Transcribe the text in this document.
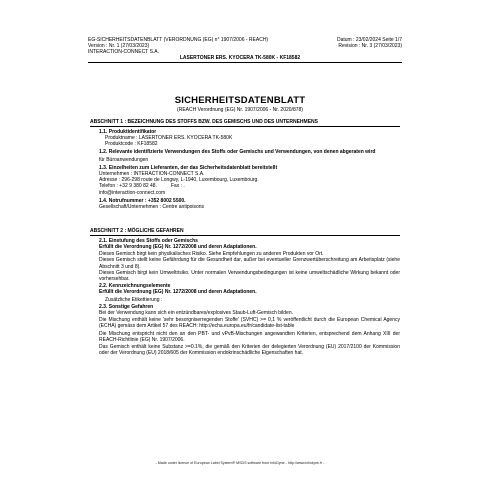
EG-SICHERHEITSDATENBLATT (VERORDNUNG (EG) n° 1907/2006 - REACH)
Version : Nr. 1 (27/03/2023)
INTERACTION-CONNECT S.A.
Datum : 23/02/2024 Seite 1/7
Revision : Nr. 3 (27/03/2023)
LASERTONER ERS. KYOCERA TK-580K - KF18582
SICHERHEITSDATENBLATT
(REACH Verordnung (EG) Nr. 1907/2006 - Nr. 2020/878)
ABSCHNITT 1 : BEZEICHNUNG DES STOFFS BZW. DES GEMISCHS UND DES UNTERNEHMENS
1.1. Produktidentifikator
Produktname : LASERTONER ERS. KYOCERA TK-580K
Produktcode : KF18582
1.2. Relevante identifizierte Verwendungen des Stoffs oder Gemischs und Verwendungen, von denen abgeraten wird
für Büroanwendungen
1.3. Einzelheiten zum Lieferanten, der das Sicherheitsdatenblatt bereitstellt
Unternehmen : INTERACTION-CONNECT S.A.
Adresse : 296-298 route de Longwy, L-1940, Luxembourg, Luxembourg.
Telefon : +32 9 380 82 48.          Fax : .
info@interaction-connect.com
1.4. Notrufnummer : +352 8002 5500.
Gesellschaft/Unternehmen : Centre antipoisons
ABSCHNITT 2 : MÖGLICHE GEFAHREN
2.1. Einstufung des Stoffs oder Gemischs
Erfüllt die Verordnung (EG) Nr. 1272/2008 und deren Adaptationen.
Dieses Gemisch birgt kein physikalisches Risiko. Siehe Empfehlungen zu anderen Produkten vor Ort.
Dieses Gemisch stellt keine Gefährdung für die Gesundheit dar, außer bei eventueller Grenzwertüberschreitung am Arbeitsplatz (siehe Abschnitt 3 und 8).
Dieses Gemisch birgt kein Umweltrisiko. Unter normalen Verwendungsbedingungen ist keine umweltschädliche Wirkung bekannt oder vorhersehbar.
2.2. Kennzeichnungselemente
Erfüllt die Verordnung (EG) Nr. 1272/2008 und deren Adaptationen.
Zusätzliche Etikettierung :
2.3. Sonstige Gefahren
Bei der Verwendung kann sich ein entzündbares/explosives Staub-Luft-Gemisch bilden.
Die Mischung enthält keine 'sehr besorgniserregenden Stoffe' (SVHC) >= 0,1 % veröffentlicht durch die European Chemical Agency (ECHA) gemäss dem Artikel 57 des REACH: http://echa.europa.eu/fr/candidate-list-table
Die Mischung entspricht nicht den an den PBT- und vPvB-Mischungen angewandten Kriterien, entsprechend dem Anhang XIII der REACH-Richtlinie (EG) Nr. 1907/2006.
Das Gemisch enthält keine Substanz >=0.1%, die gemäß den Kriterien der delegierten Verordnung (EU) 2017/2100 der Kommission oder der Verordnung (EU) 2018/605 der Kommission endokrinschädliche Eigenschaften hat.
- Made under licence of European Label System® MSDS software from InfoDyne - http://www.infodyne.fr -
